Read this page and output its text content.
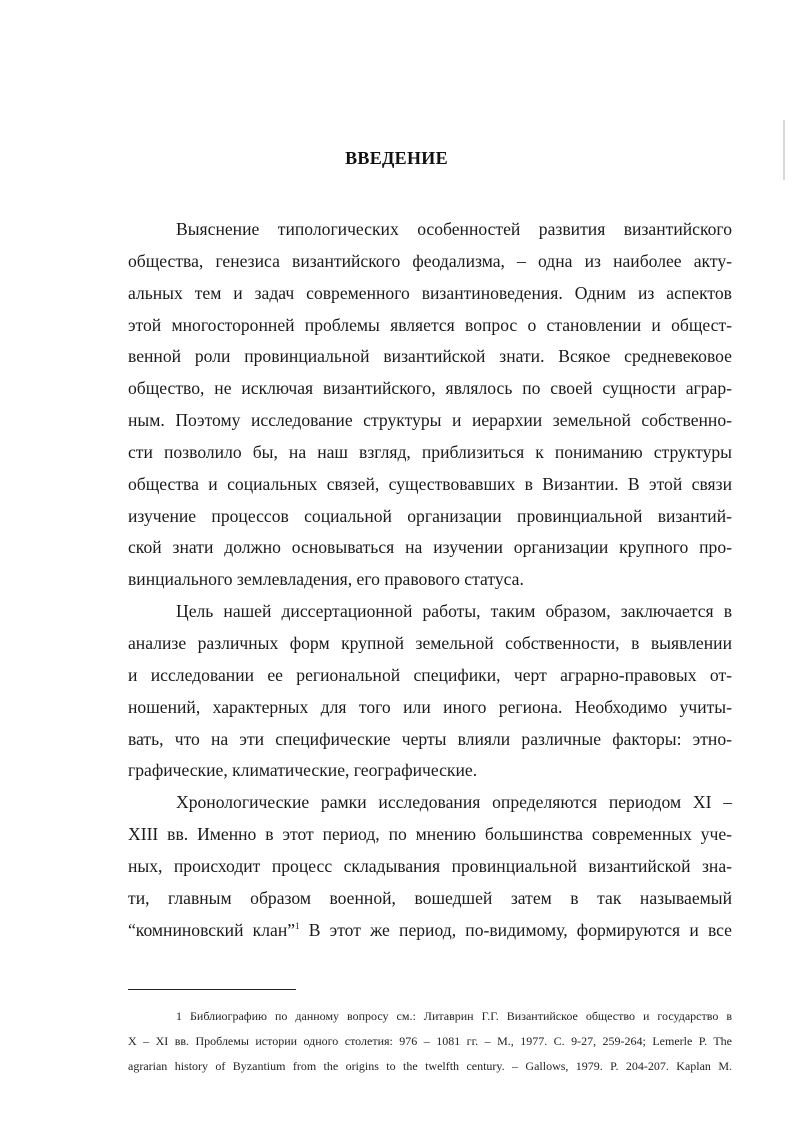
ВВЕДЕНИЕ
Выяснение типологических особенностей развития византийского
общества, генезиса византийского феодализма, – одна из наиболее акту-
альных тем и задач современного византиноведения. Одним из аспектов
этой многосторонней проблемы является вопрос о становлении и общест-
венной роли провинциальной византийской знати. Всякое средневековое
общество, не исключая византийского, являлось по своей сущности аграр-
ным. Поэтому исследование структуры и иерархии земельной собственно-
сти позволило бы, на наш взгляд, приблизиться к пониманию структуры
общества и социальных связей, существовавших в Византии. В этой связи
изучение процессов социальной организации провинциальной византий-
ской знати должно основываться на изучении организации крупного про-
винциального землевладения, его правового статуса.
Цель нашей диссертационной работы, таким образом, заключается в
анализе различных форм крупной земельной собственности, в выявлении
и исследовании ее региональной специфики, черт аграрно-правовых от-
ношений, характерных для того или иного региона. Необходимо учиты-
вать, что на эти специфические черты влияли различные факторы: этно-
графические, климатические, географические.
Хронологические рамки исследования определяются периодом XI –
XIII вв. Именно в этот период, по мнению большинства современных уче-
ных, происходит процесс складывания провинциальной византийской зна-
ти, главным образом военной, вошедшей затем в так называемый
“комниновский клан”$^1$ В этот же период, по-видимому, формируются и все
1 Библиографию по данному вопросу см.: Литаврин Г.Г. Византийское общество и государство в
X – XI вв. Проблемы истории одного столетия: 976 – 1081 гг. – М., 1977. С. 9-27, 259-264; Lemerle P. The
agrarian history of Byzantium from the origins to the twelfth century. – Gallows, 1979. P. 204-207. Kaplan M.
